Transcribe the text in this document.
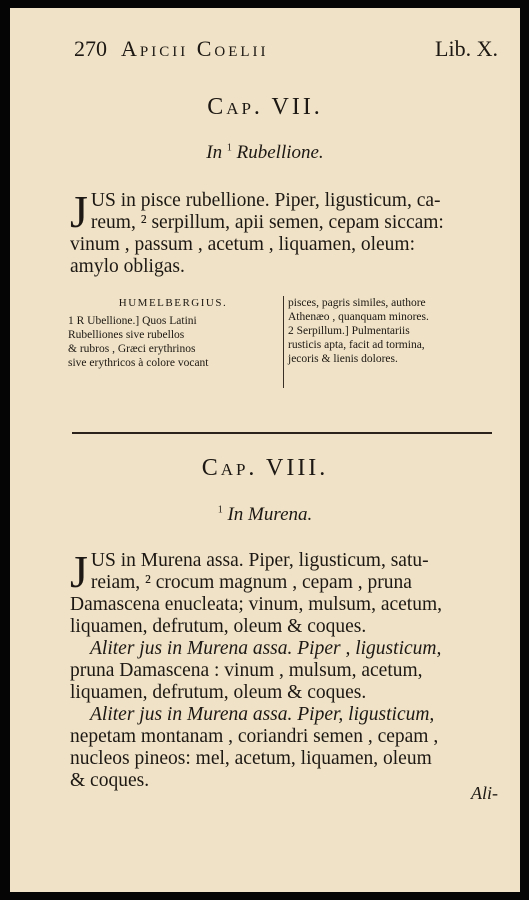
270 Apicii Coelii	Lib. X.
Cap. VII.
In $^1$ Rubellione.
J US in pisce rubellione. Piper, ligusticum, ca-
reum, ² serpillum, apii semen, cepam siccam:
vinum , passum , acetum , liquamen, oleum:
amylo obligas.
HUMELBERGIUS.
1 R Ubellione.] Quos Latini
Rubelliones sive rubellos
& rubros , Græci erythrinos
sive erythricos à colore vocant
pisces, pagris similes, authore
Athenæo , quanquam minores.
2 Serpillum.] Pulmentariis
rusticis apta, facit ad tormina,
jecoris & lienis dolores.
Cap. VIII.
$^1$ In Murena.
J US in Murena assa. Piper, ligusticum, satu-
reiam, ² crocum magnum , cepam , pruna
Damascena enucleata; vinum, mulsum, acetum,
liquamen, defrutum, oleum & coques.
Aliter jus in Murena assa. Piper , ligusticum,
pruna Damascena : vinum , mulsum, acetum,
liquamen, defrutum, oleum & coques.
Aliter jus in Murena assa. Piper, ligusticum,
nepetam montanam , coriandri semen , cepam ,
nucleos pineos: mel, acetum, liquamen, oleum
& coques.
Ali-
